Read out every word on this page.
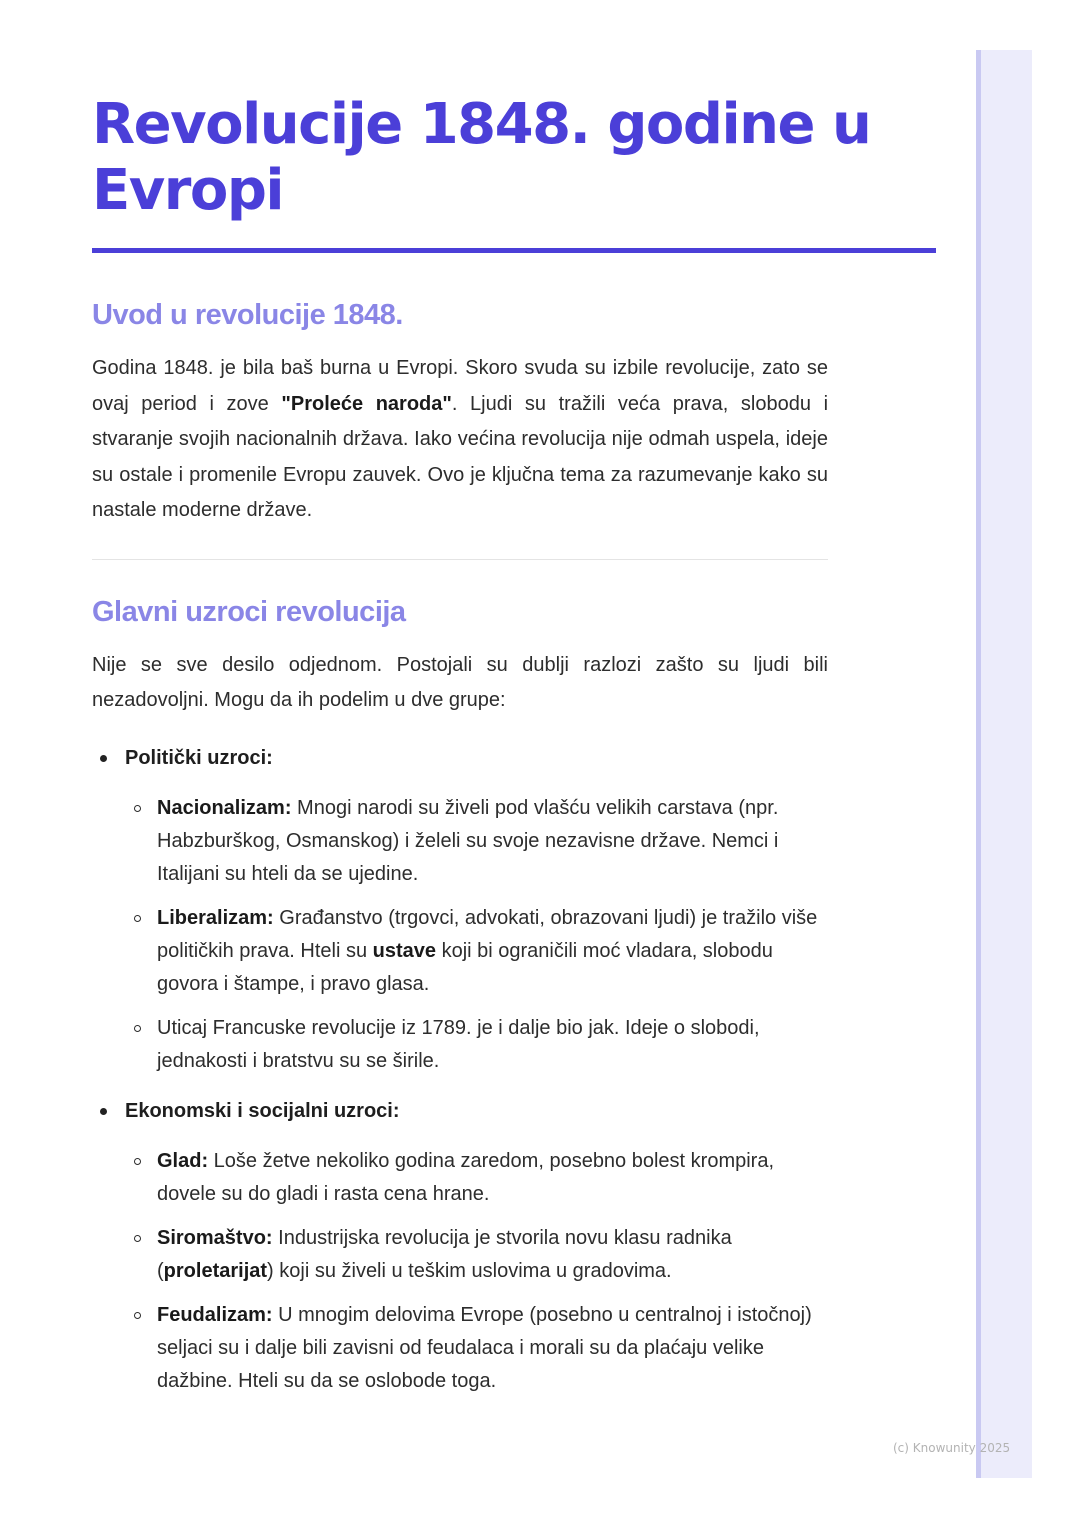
Revolucije 1848. godine u Evropi
Uvod u revolucije 1848.

Godina 1848. je bila baš burna u Evropi. Skoro svuda su izbile revolucije, zato se ovaj period i zove "Proleće naroda". Ljudi su tražili veća prava, slobodu i stvaranje svojih nacionalnih država. Iako većina revolucija nije odmah uspela, ideje su ostale i promenile Evropu zauvek. Ovo je ključna tema za razumevanje kako su nastale moderne države.

Glavni uzroci revolucija

Nije se sve desilo odjednom. Postojali su dublji razlozi zašto su ljudi bili nezadovoljni. Mogu da ih podelim u dve grupe:

Politički uzroci:
Nacionalizam: Mnogi narodi su živeli pod vlašću velikih carstava (npr. Habzburškog, Osmanskog) i želeli su svoje nezavisne države. Nemci i Italijani su hteli da se ujedine.
Liberalizam: Građanstvo (trgovci, advokati, obrazovani ljudi) je tražilo više političkih prava. Hteli su ustave koji bi ograničili moć vladara, slobodu govora i štampe, i pravo glasa.
Uticaj Francuske revolucije iz 1789. je i dalje bio jak. Ideje o slobodi, jednakosti i bratstvu su se širile.
Ekonomski i socijalni uzroci:
Glad: Loše žetve nekoliko godina zaredom, posebno bolest krompira, dovele su do gladi i rasta cena hrane.
Siromaštvo: Industrijska revolucija je stvorila novu klasu radnika (proletarijat) koji su živeli u teškim uslovima u gradovima.
Feudalizam: U mnogim delovima Evrope (posebno u centralnoj i istočnoj) seljaci su i dalje bili zavisni od feudalaca i morali su da plaćaju velike dažbine. Hteli su da se oslobode toga.
(c) Knowunity 2025
